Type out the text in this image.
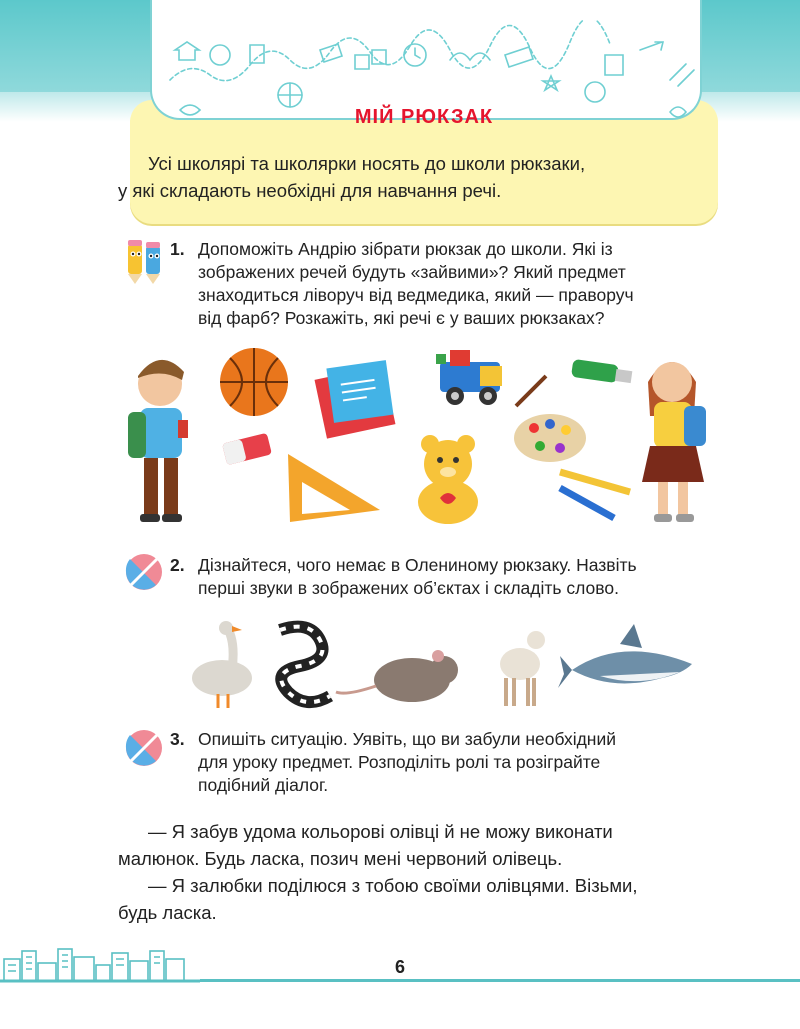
МІЙ РЮКЗАК

Усі школярі та школярки носять до школи рюкзаки,

у які складають необхідні для навчання речі.
1. Допоможіть Андрію зібрати рюкзак до школи. Які із
зображених речей будуть «зайвими»? Який предмет
знаходиться ліворуч від ведмедика, який — праворуч
від фарб? Розкажіть, які речі є у ваших рюкзаках?
2. Дізнайтеся, чого немає в Олениному рюкзаку. Назвіть
перші звуки в зображених об’єктах і складіть слово.
3. Опишіть ситуацію. Уявіть, що ви забули необхідний
для уроку предмет. Розподіліть ролі та розіграйте
подібний діалог.

— Я забув удома кольорові олівці й не можу виконати

малюнок. Будь ласка, позич мені червоний олівець.

— Я залюбки поділюся з тобою своїми олівцями. Візьми,

будь ласка.
6
